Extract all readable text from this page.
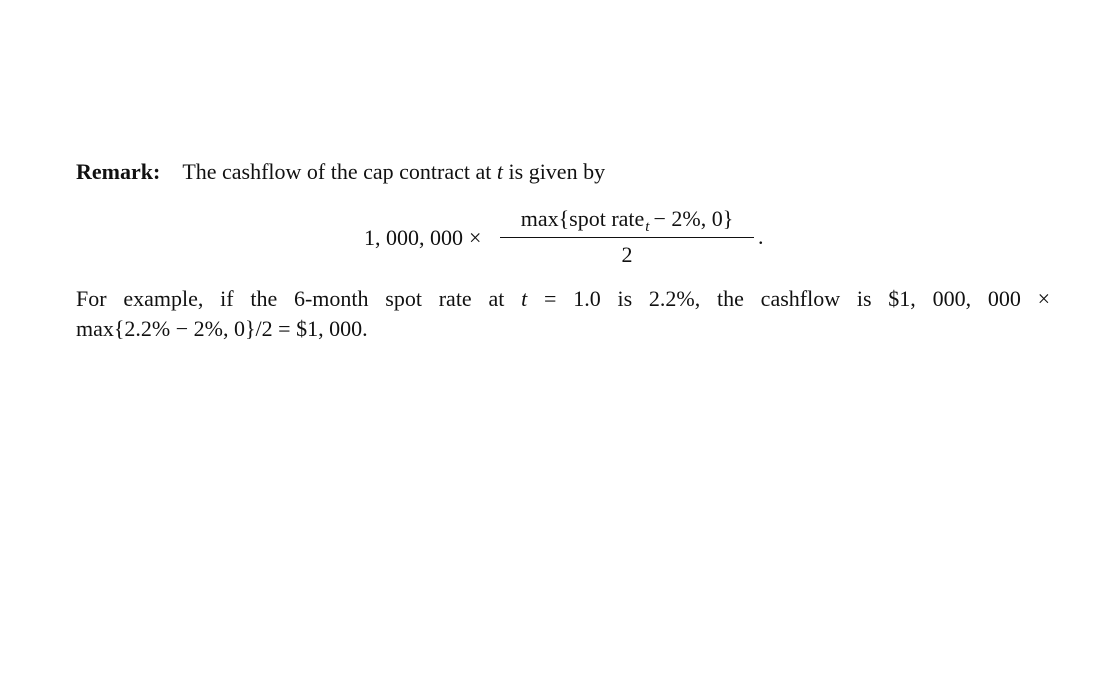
Remark: The cashflow of the cap contract at t is given by
1, 000, 000 ×
max{spot rate$_t$ − 2%, 0}
2
.
For example, if the 6-month spot rate at t = 1.0 is 2.2%, the cashflow is $1, 000, 000 ×
max{2.2% − 2%, 0}/2 = $1, 000.
